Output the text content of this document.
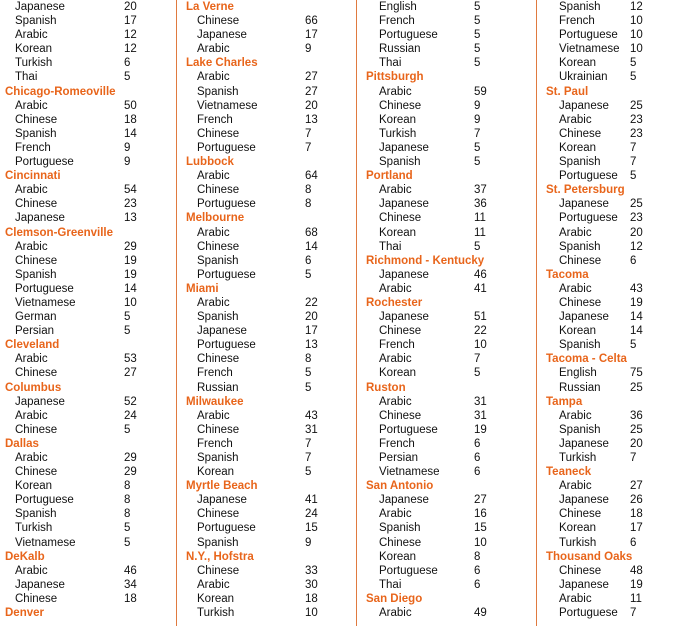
Japanese	20
Spanish	17
Arabic	12
Korean	12
Turkish	6
Thai	5
Chicago-Romeoville
Arabic	50
Chinese	18
Spanish	14
French	9
Portuguese	9
Cincinnati
Arabic	54
Chinese	23
Japanese	13
Clemson-Greenville
Arabic	29
Chinese	19
Spanish	19
Portuguese	14
Vietnamese	10
German	5
Persian	5
Cleveland
Arabic	53
Chinese	27
Columbus
Japanese	52
Arabic	24
Chinese	5
Dallas
Arabic	29
Chinese	29
Korean	8
Portuguese	8
Spanish	8
Turkish	5
Vietnamese	5
DeKalb
Arabic	46
Japanese	34
Chinese	18
Denver
La Verne
Chinese	66
Japanese	17
Arabic	9
Lake Charles
Arabic	27
Spanish	27
Vietnamese	20
French	13
Chinese	7
Portuguese	7
Lubbock
Arabic	64
Chinese	8
Portuguese	8
Melbourne
Arabic	68
Chinese	14
Spanish	6
Portuguese	5
Miami
Arabic	22
Spanish	20
Japanese	17
Portuguese	13
Chinese	8
French	5
Russian	5
Milwaukee
Arabic	43
Chinese	31
French	7
Spanish	7
Korean	5
Myrtle Beach
Japanese	41
Chinese	24
Portuguese	15
Spanish	9
N.Y., Hofstra
Chinese	33
Arabic	30
Korean	18
Turkish	10
English	5
French	5
Portuguese	5
Russian	5
Thai	5
Pittsburgh
Arabic	59
Chinese	9
Korean	9
Turkish	7
Japanese	5
Spanish	5
Portland
Arabic	37
Japanese	36
Chinese	11
Korean	11
Thai	5
Richmond - Kentucky
Japanese	46
Arabic	41
Rochester
Japanese	51
Chinese	22
French	10
Arabic	7
Korean	5
Ruston
Arabic	31
Chinese	31
Portuguese	19
French	6
Persian	6
Vietnamese	6
San Antonio
Japanese	27
Arabic	16
Spanish	15
Chinese	10
Korean	8
Portuguese	6
Thai	6
San Diego
Arabic	49
Spanish	12
French	10
Portuguese 10
Vietnamese 10
Korean	5
Ukrainian 5
St. Paul
Japanese 25
Arabic	23
Chinese	23
Korean	7
Spanish	7
Portuguese 5
St. Petersburg
Japanese 25
Portuguese 23
Arabic	20
Spanish	12
Chinese	6
Tacoma
Arabic	43
Chinese	19
Japanese 14
Korean	14
Spanish	5
Tacoma - Celta
English	75
Russian	25
Tampa
Arabic	36
Spanish	25
Japanese 20
Turkish	7
Teaneck
Arabic	27
Japanese 26
Chinese	18
Korean	17
Turkish	6
Thousand Oaks
Chinese	48
Japanese 19
Arabic	11
Portuguese 7
